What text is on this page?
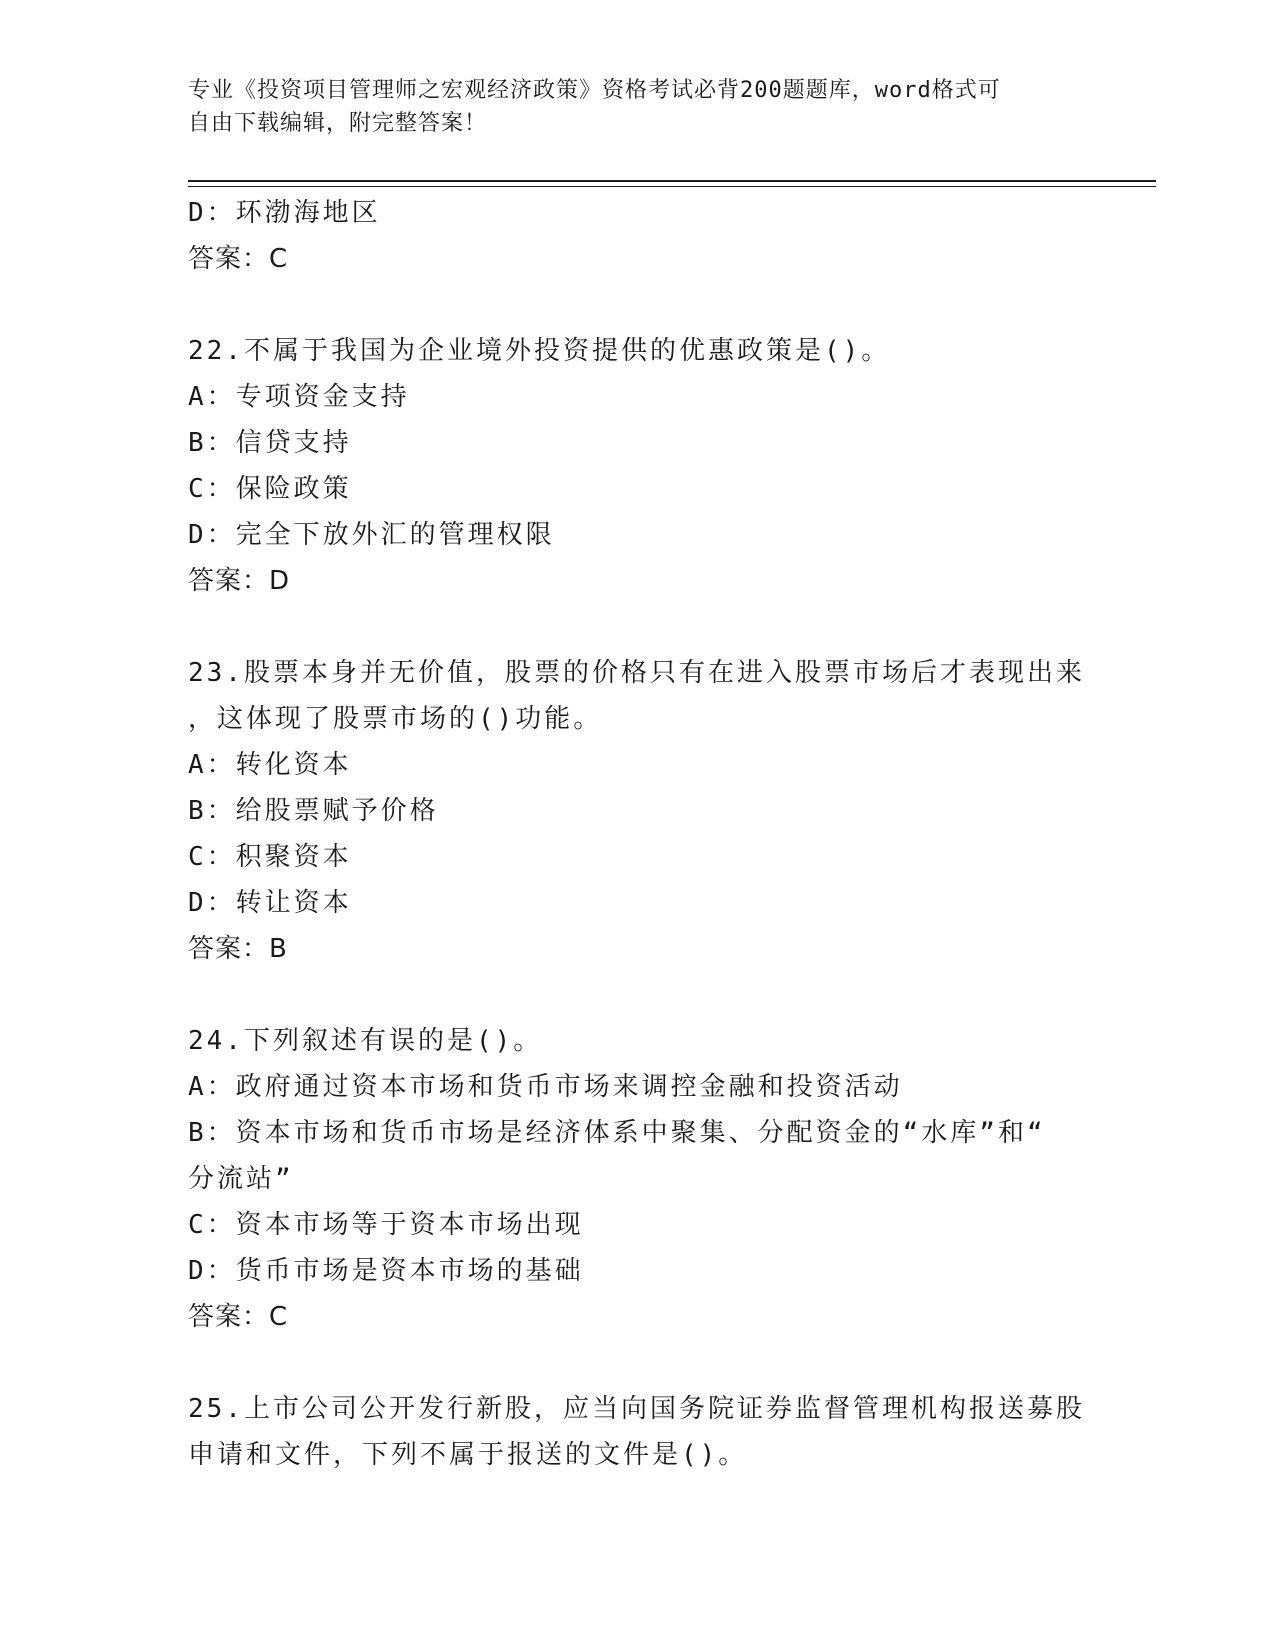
专业《投资项目管理师之宏观经济政策》资格考试必背200题题库，word格式可
自由下载编辑，附完整答案！
D：环渤海地区
答案：C
22.不属于我国为企业境外投资提供的优惠政策是()。
A：专项资金支持
B：信贷支持
C：保险政策
D：完全下放外汇的管理权限
答案：D
23.股票本身并无价值，股票的价格只有在进入股票市场后才表现出来
，这体现了股票市场的()功能。
A：转化资本
B：给股票赋予价格
C：积聚资本
D：转让资本
答案：B
24.下列叙述有误的是()。
A：政府通过资本市场和货币市场来调控金融和投资活动
B：资本市场和货币市场是经济体系中聚集、分配资金的“水库”和“
分流站”
C：资本市场等于资本市场出现
D：货币市场是资本市场的基础
答案：C
25.上市公司公开发行新股，应当向国务院证券监督管理机构报送募股
申请和文件，下列不属于报送的文件是()。
